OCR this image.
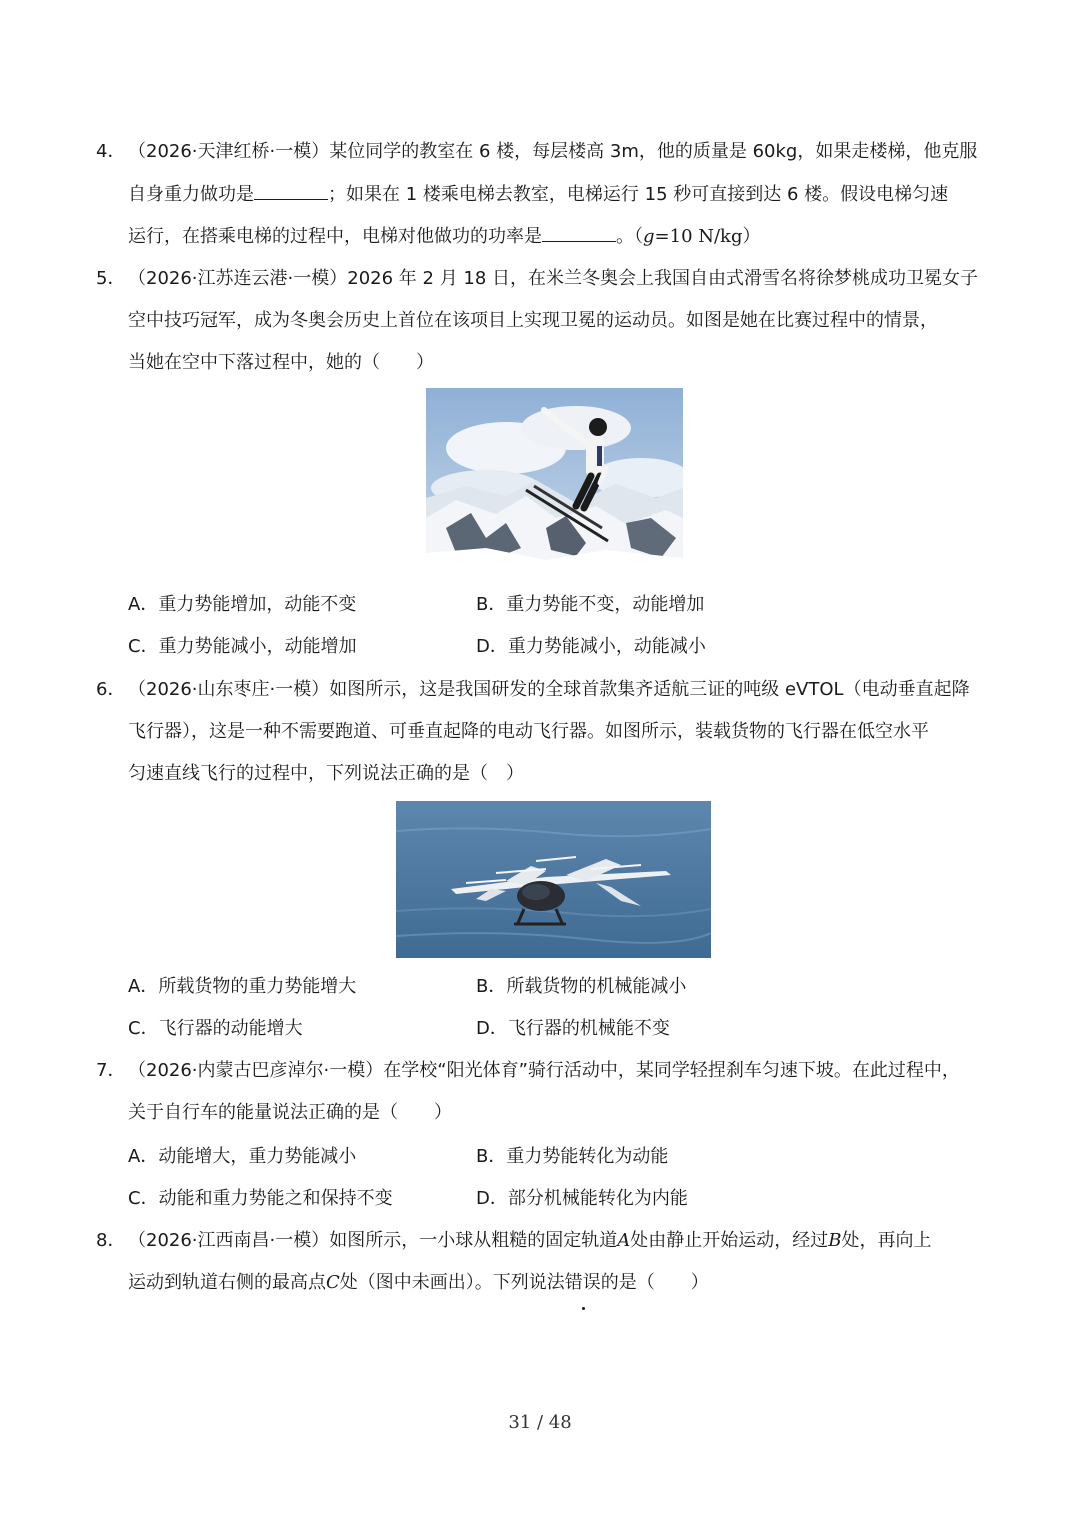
4． （2026·天津红桥·一模）某位同学的教室在 6 楼，每层楼高 3m，他的质量是 60kg，如果走楼梯，他克服
自身重力做功是	；如果在 1 楼乘电梯去教室，电梯运行 15 秒可直接到达 6 楼。假设电梯匀速
运行，在搭乘电梯的过程中，电梯对他做功的功率是	。（g=10 N/kg）
5． （2026·江苏连云港·一模）2026 年 2 月 18 日，在米兰冬奥会上我国自由式滑雪名将徐梦桃成功卫冕女子
空中技巧冠军，成为冬奥会历史上首位在该项目上实现卫冕的运动员。如图是她在比赛过程中的情景，
当她在空中下落过程中，她的（　　）
A．重力势能增加，动能不变	B．重力势能不变，动能增加
C．重力势能减小，动能增加	D．重力势能减小，动能减小
6． （2026·山东枣庄·一模）如图所示，这是我国研发的全球首款集齐适航三证的吨级 eVTOL（电动垂直起降
飞行器），这是一种不需要跑道、可垂直起降的电动飞行器。如图所示，装载货物的飞行器在低空水平
匀速直线飞行的过程中，下列说法正确的是（　）
A．所载货物的重力势能增大	B．所载货物的机械能减小
C．飞行器的动能增大	D．飞行器的机械能不变
7． （2026·内蒙古巴彦淖尔·一模）在学校“阳光体育”骑行活动中，某同学轻捏刹车匀速下坡。在此过程中，
关于自行车的能量说法正确的是（　　）
A．动能增大，重力势能减小	B．重力势能转化为动能
C．动能和重力势能之和保持不变	D．部分机械能转化为内能
8． （2026·江西南昌·一模）如图所示，一小球从粗糙的固定轨道A处由静止开始运动，经过B处，再向上
运动到轨道右侧的最高点C处（图中未画出）。下列说法错误的是（　　）
31 / 48
